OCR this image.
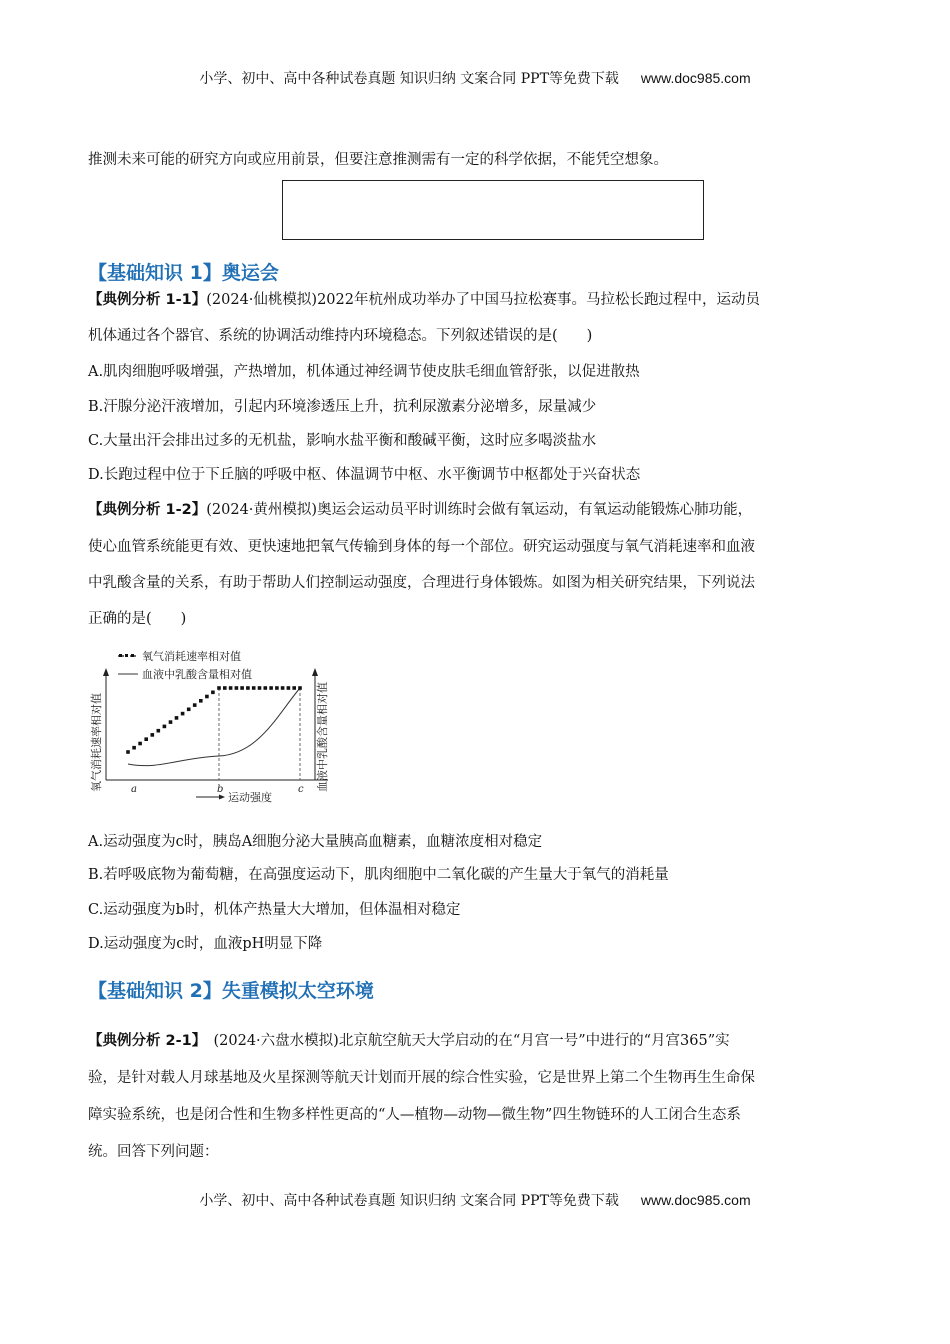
小学、初中、高中各种试卷真题 知识归纳 文案合同 PPT等免费下载 www.doc985.com
推测未来可能的研究方向或应用前景，但要注意推测需有一定的科学依据，不能凭空想象。
【基础知识 1】奥运会
【典例分析 1-1】(2024·仙桃模拟)2022年杭州成功举办了中国马拉松赛事。马拉松长跑过程中，运动员
机体通过各个器官、系统的协调活动维持内环境稳态。下列叙述错误的是(　　)
A.肌肉细胞呼吸增强，产热增加，机体通过神经调节使皮肤毛细血管舒张，以促进散热
B.汗腺分泌汗液增加，引起内环境渗透压上升，抗利尿激素分泌增多，尿量减少
C.大量出汗会排出过多的无机盐，影响水盐平衡和酸碱平衡，这时应多喝淡盐水
D.长跑过程中位于下丘脑的呼吸中枢、体温调节中枢、水平衡调节中枢都处于兴奋状态
【典例分析 1-2】(2024·黄州模拟)奥运会运动员平时训练时会做有氧运动，有氧运动能锻炼心肺功能，
使心血管系统能更有效、更快速地把氧气传输到身体的每一个部位。研究运动强度与氧气消耗速率和血液
中乳酸含量的关系，有助于帮助人们控制运动强度，合理进行身体锻炼。如图为相关研究结果，下列说法
正确的是(　　)
氧气消耗速率相对值
血液中乳酸含量相对值
氧气消耗速率相对值	血液中乳酸含量相对值
a	b	c
运动强度
A.运动强度为c时，胰岛A细胞分泌大量胰高血糖素，血糖浓度相对稳定
B.若呼吸底物为葡萄糖，在高强度运动下，肌肉细胞中二氧化碳的产生量大于氧气的消耗量
C.运动强度为b时，机体产热量大大增加，但体温相对稳定
D.运动强度为c时，血液pH明显下降
【基础知识 2】失重模拟太空环境
【典例分析 2-1】　(2024·六盘水模拟)北京航空航天大学启动的在“月宫一号”中进行的“月宫365”实
验，是针对载人月球基地及火星探测等航天计划而开展的综合性实验，它是世界上第二个生物再生生命保
障实验系统，也是闭合性和生物多样性更高的“人—植物—动物—微生物”四生物链环的人工闭合生态系
统。回答下列问题：
小学、初中、高中各种试卷真题 知识归纳 文案合同 PPT等免费下载 www.doc985.com
